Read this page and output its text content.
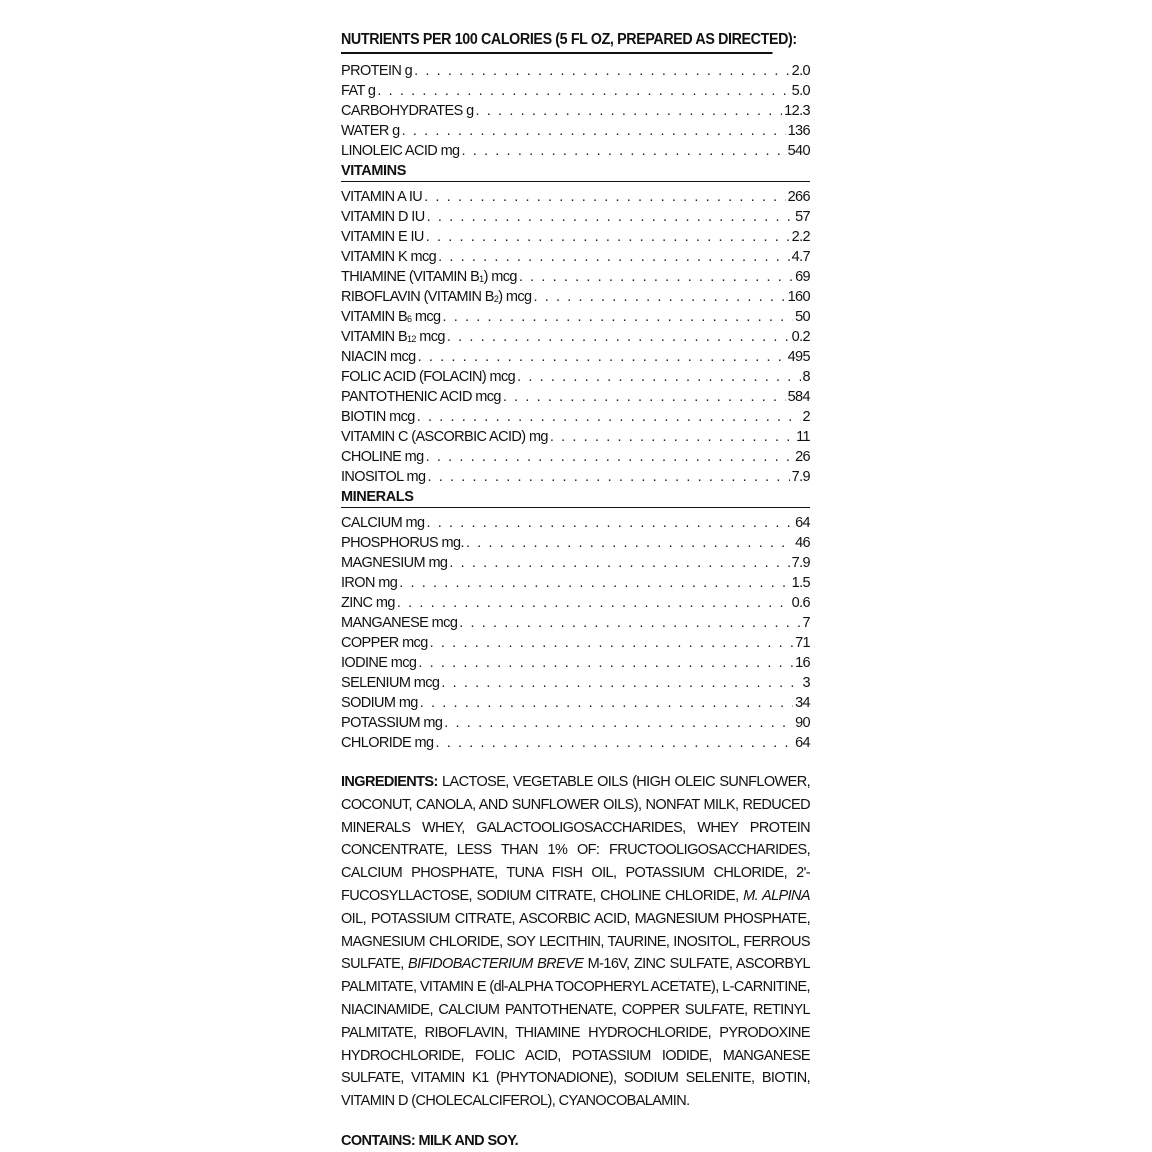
NUTRIENTS PER 100 CALORIES (5 FL OZ, PREPARED AS DIRECTED):
PROTEIN g . . .	2.0
FAT g . . .	5.0
CARBOHYDRATES g . . .	12.3
WATER g . . .	136
LINOLEIC ACID mg . . .	540
VITAMINS
VITAMIN A IU . . .	266
VITAMIN D IU . . .	57
VITAMIN E IU . . .	2.2
VITAMIN K mcg . . .	4.7
THIAMINE (VITAMIN $B_1$) mcg . . .	69
RIBOFLAVIN (VITAMIN $B_2$) mcg . . .	160
VITAMIN $B_6$ mcg . . .	50
VITAMIN $B_{12}$ mcg . . .	0.2
NIACIN mcg . . .	495
FOLIC ACID (FOLACIN) mcg . . .	8
PANTOTHENIC ACID mcg . . .	584
BIOTIN mcg . . .	2
VITAMIN C (ASCORBIC ACID) mg . . .	11
CHOLINE mg . . .	26
INOSITOL mg . . .	7.9
MINERALS
CALCIUM mg . . .	64
PHOSPHORUS mg. . . .	46
MAGNESIUM mg . . .	7.9
IRON mg . . .	1.5
ZINC mg . . .	0.6
MANGANESE mcg . . .	7
COPPER mcg . . .	71
IODINE mcg . . .	16
SELENIUM mcg . . .	3
SODIUM mg . . .	34
POTASSIUM mg . . .	90
CHLORIDE mg . . .	64
INGREDIENTS: LACTOSE, VEGETABLE OILS (HIGH OLEIC SUNFLOWER, COCONUT, CANOLA, AND SUNFLOWER OILS), NONFAT MILK, REDUCED MINERALS WHEY, GALACTOOLIGOSACCHARIDES, WHEY PROTEIN CONCENTRATE, LESS THAN 1% OF: FRUCTOOLIGOSACCHARIDES, CALCIUM PHOSPHATE, TUNA FISH OIL, POTASSIUM CHLORIDE, 2'-FUCOSYLLACTOSE, SODIUM CITRATE, CHOLINE CHLORIDE, M. ALPINA OIL, POTASSIUM CITRATE, ASCORBIC ACID, MAGNESIUM PHOSPHATE, MAGNESIUM CHLORIDE, SOY LECITHIN, TAURINE, INOSITOL, FERROUS SULFATE, BIFIDOBACTERIUM BREVE M-16V, ZINC SULFATE, ASCORBYL PALMITATE, VITAMIN E (dl-ALPHA TOCOPHERYL ACETATE), L-CARNITINE, NIACINAMIDE, CALCIUM PANTOTHENATE, COPPER SULFATE, RETINYL PALMITATE, RIBOFLAVIN, THIAMINE HYDROCHLORIDE, PYRODOXINE HYDROCHLORIDE, FOLIC ACID, POTASSIUM IODIDE, MANGANESE SULFATE, VITAMIN K1 (PHYTONADIONE), SODIUM SELENITE, BIOTIN, VITAMIN D (CHOLECALCIFEROL), CYANOCOBALAMIN.
CONTAINS: MILK AND SOY.
